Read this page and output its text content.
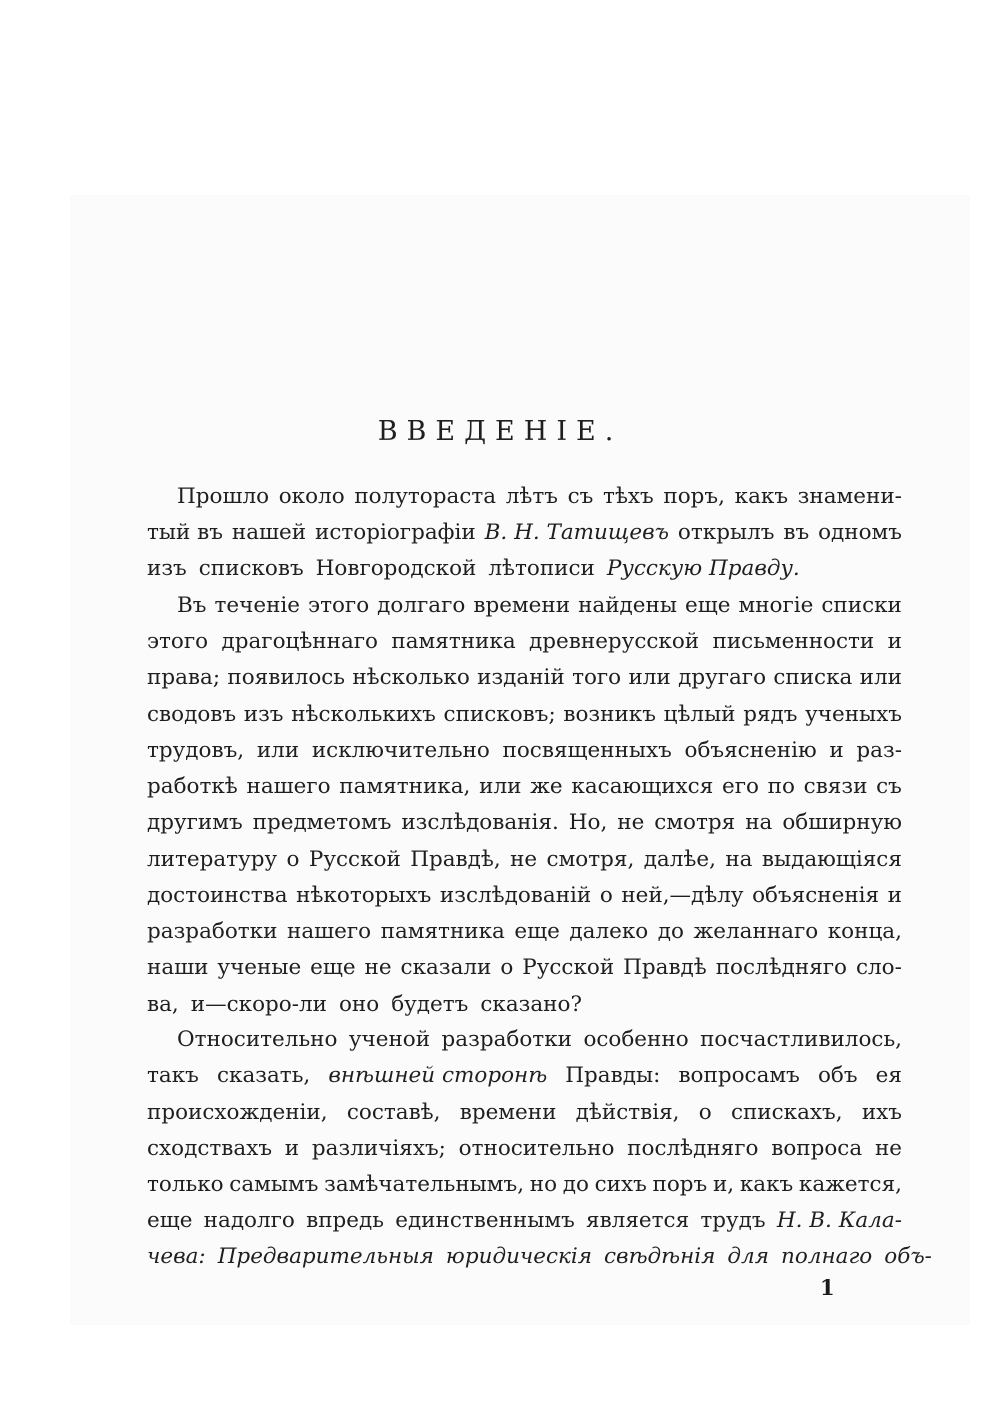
ВВЕДЕНІЕ.
Прошло около полутораста лѣтъ съ тѣхъ поръ, какъ знамени-
тый въ нашей исторіографіи В. Н. Татищевъ открылъ въ одномъ
изъ списковъ Новгородской лѣтописи Русскую Правду.
Въ теченіе этого долгаго времени найдены еще многіе списки
этого драгоцѣннаго памятника древнерусской письменности и
права; появилось нѣсколько изданій того или другаго списка или
сводовъ изъ нѣсколькихъ списковъ; возникъ цѣлый рядъ ученыхъ
трудовъ, или исключительно посвященныхъ объясненію и раз-
работкѣ нашего памятника, или же касающихся его по связи съ
другимъ предметомъ изслѣдованія. Но, не смотря на обширную
литературу о Русской Правдѣ, не смотря, далѣе, на выдающіяся
достоинства нѣкоторыхъ изслѣдованій о ней,—дѣлу объясненія и
разработки нашего памятника еще далеко до желаннаго конца,
наши ученые еще не сказали о Русской Правдѣ послѣдняго сло-
ва, и—скоро-ли оно будетъ сказано?
Относительно ученой разработки особенно посчастливилось,
такъ сказать, внѣшней сторонѣ Правды: вопросамъ объ ея
происхожденіи, составѣ, времени дѣйствія, о спискахъ, ихъ
сходствахъ и различіяхъ; относительно послѣдняго вопроса не
только самымъ замѣчательнымъ, но до сихъ поръ и, какъ кажется,
еще надолго впредь единственнымъ является трудъ Н. В. Кала-
чева: Предварительныя юридическія свѣдѣнія для полнаго объ-
1
